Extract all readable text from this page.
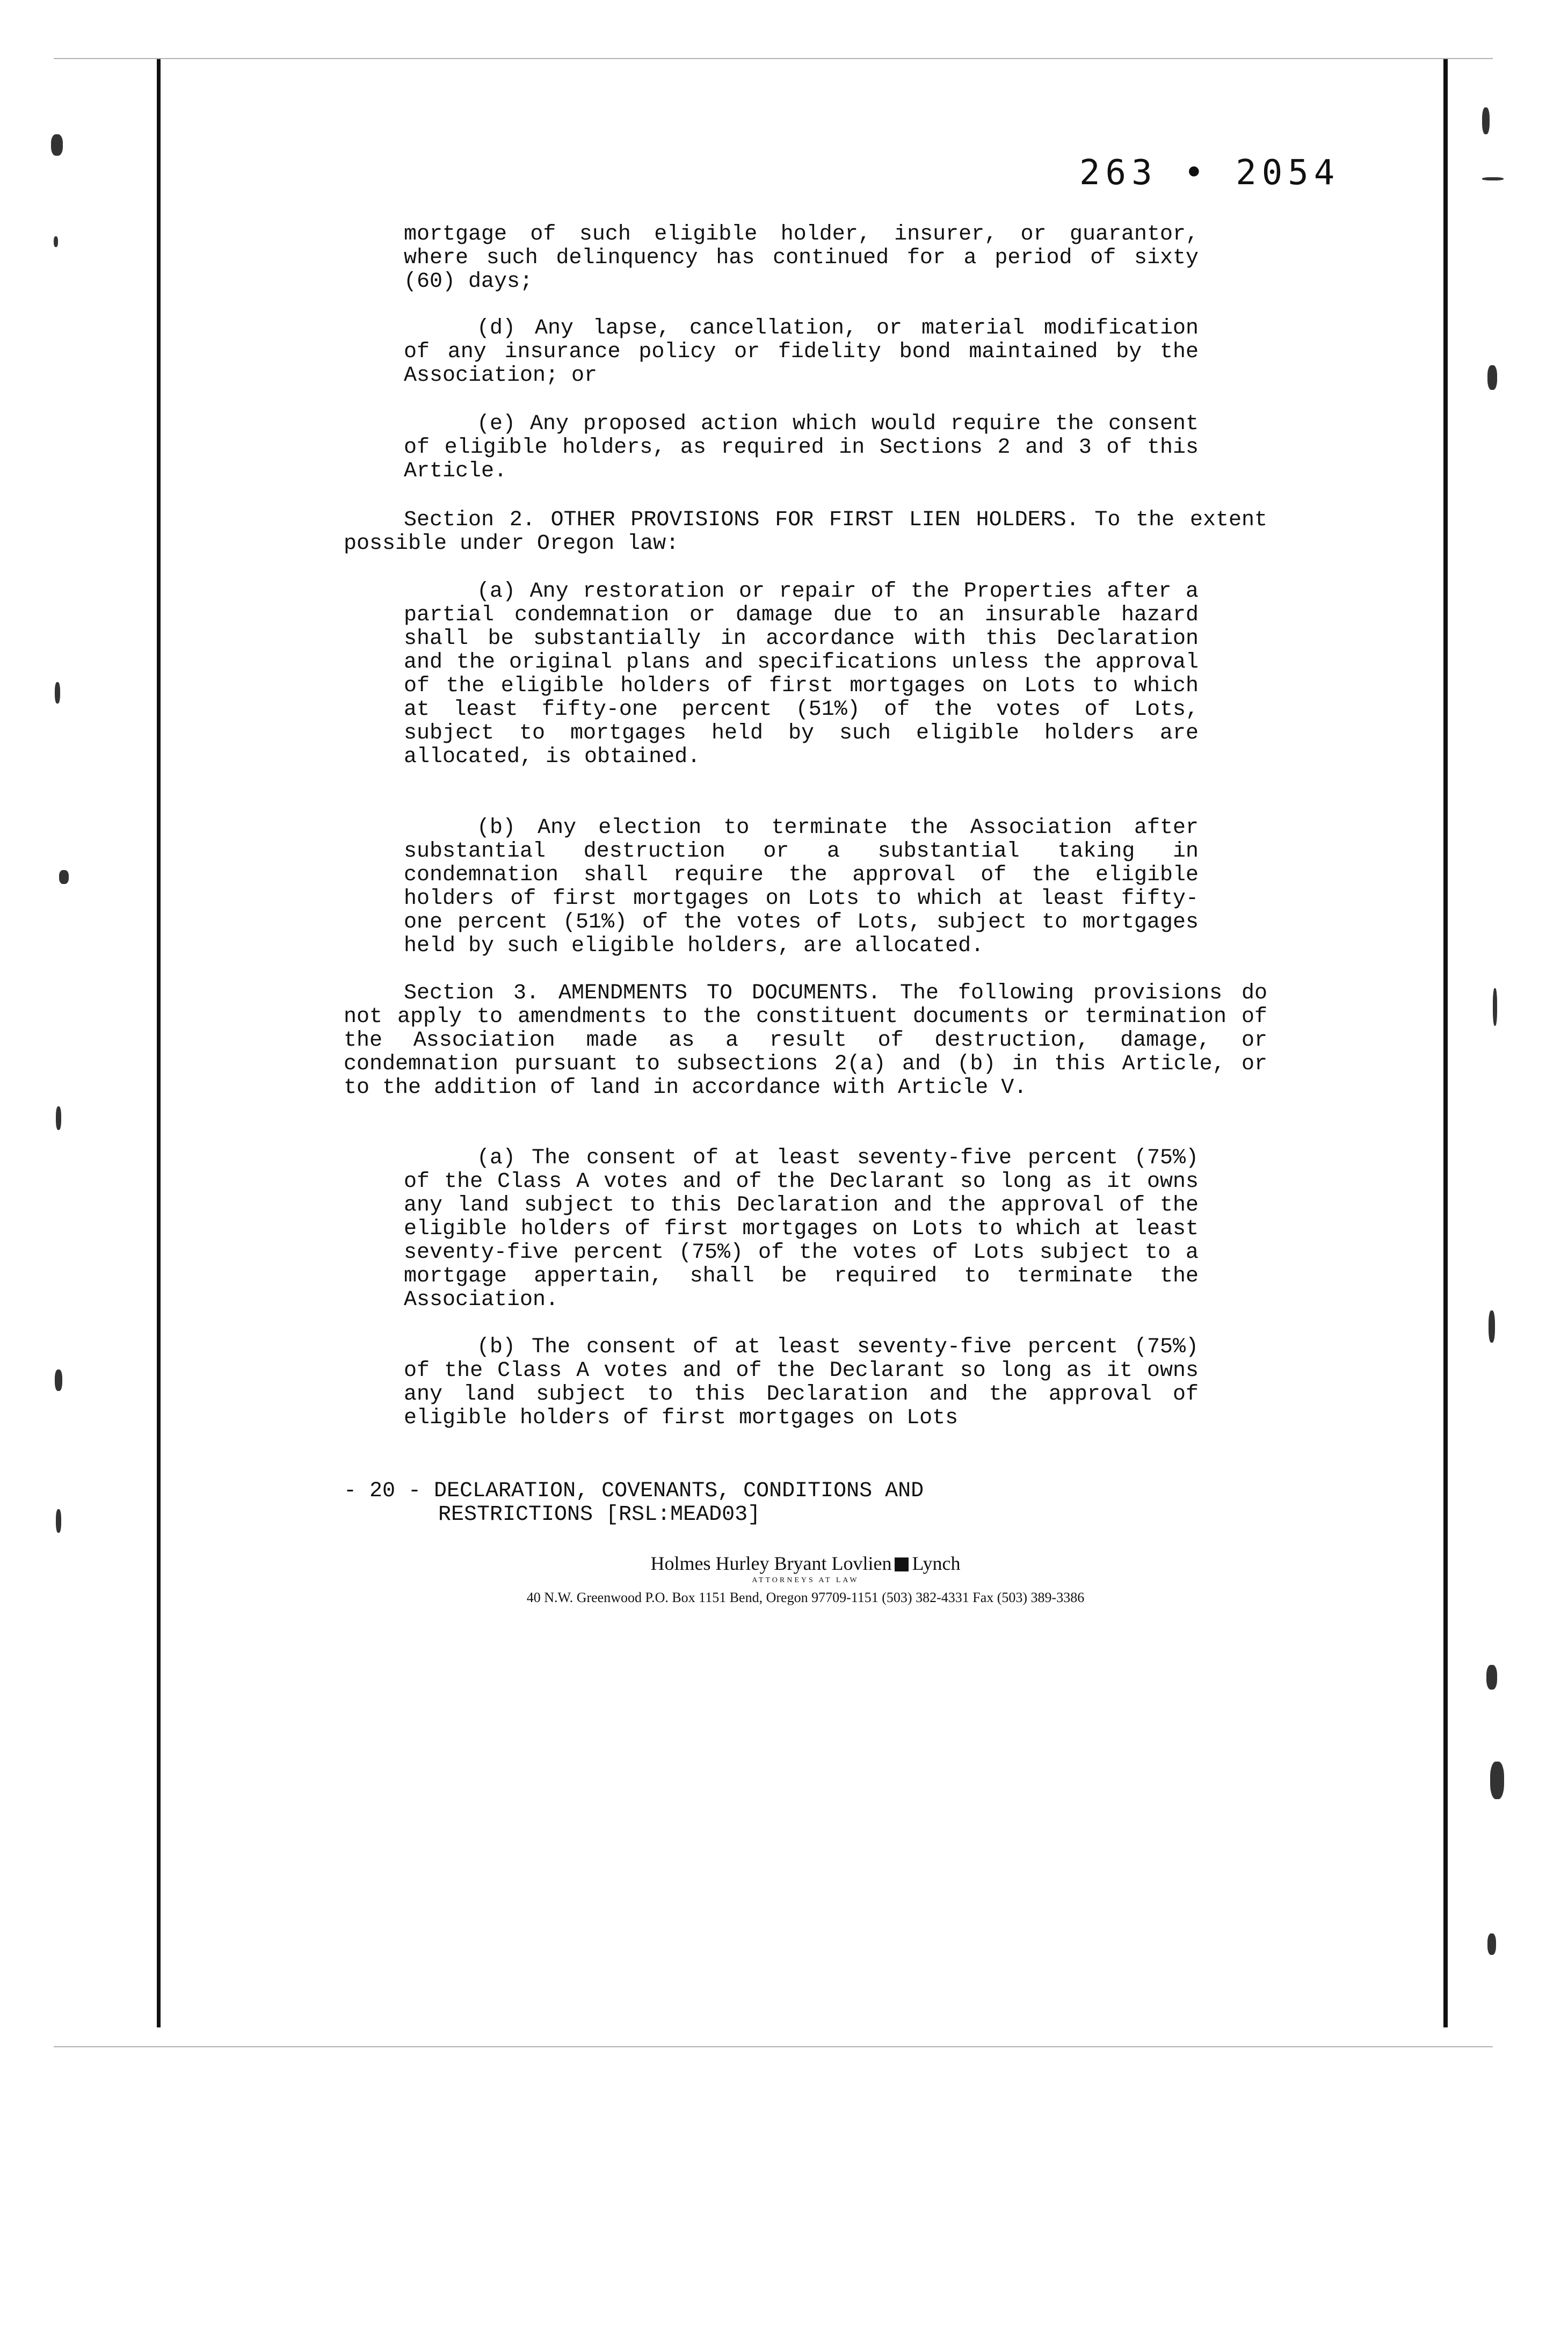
263 • 2054

mortgage of such eligible holder, insurer, or guarantor, where such delinquency has continued for a period of sixty (60) days;

(d) Any lapse, cancellation, or material modification of any insurance policy or fidelity bond maintained by the Association; or

(e) Any proposed action which would require the consent of eligible holders, as required in Sections 2 and 3 of this Article.

Section 2. OTHER PROVISIONS FOR FIRST LIEN HOLDERS. To the extent possible under Oregon law:

(a) Any restoration or repair of the Properties after a partial condemnation or damage due to an insurable hazard shall be substantially in accordance with this Declaration and the original plans and specifications unless the approval of the eligible holders of first mortgages on Lots to which at least fifty-one percent (51%) of the votes of Lots, subject to mortgages held by such eligible holders are allocated, is obtained.

(b) Any election to terminate the Association after substantial destruction or a substantial taking in condemnation shall require the approval of the eligible holders of first mortgages on Lots to which at least fifty-one percent (51%) of the votes of Lots, subject to mortgages held by such eligible holders, are allocated.

Section 3. AMENDMENTS TO DOCUMENTS. The following provisions do not apply to amendments to the constituent documents or termination of the Association made as a result of destruction, damage, or condemnation pursuant to subsections 2(a) and (b) in this Article, or to the addition of land in accordance with Article V.

(a) The consent of at least seventy-five percent (75%) of the Class A votes and of the Declarant so long as it owns any land subject to this Declaration and the approval of the eligible holders of first mortgages on Lots to which at least seventy-five percent (75%) of the votes of Lots subject to a mortgage appertain, shall be required to terminate the Association.

(b) The consent of at least seventy-five percent (75%) of the Class A votes and of the Declarant so long as it owns any land subject to this Declaration and the approval of eligible holders of first mortgages on Lots

- 20 - DECLARATION, COVENANTS, CONDITIONS AND
RESTRICTIONS [RSL:MEAD03]
Holmes Hurley Bryant Lovlien Lynch
ATTORNEYS AT LAW
40 N.W. Greenwood P.O. Box 1151 Bend, Oregon 97709-1151 (503) 382-4331 Fax (503) 389-3386
